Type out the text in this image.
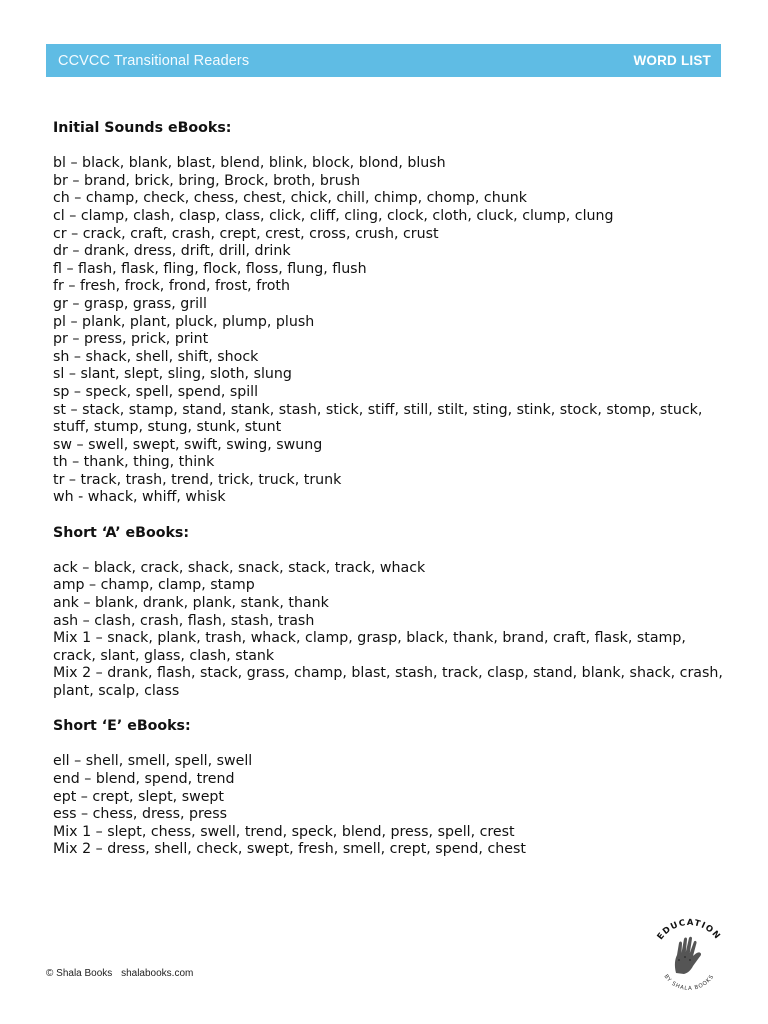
CCVCC Transitional Readers	WORD LIST
Initial Sounds eBooks:
bl – black, blank, blast, blend, blink, block, blond, blush
br – brand, brick, bring, Brock, broth, brush
ch – champ, check, chess, chest, chick, chill, chimp, chomp, chunk
cl – clamp, clash, clasp, class, click, cliff, cling, clock, cloth, cluck, clump, clung
cr – crack, craft, crash, crept, crest, cross, crush, crust
dr – drank, dress, drift, drill, drink
fl – flash, flask, fling, flock, floss, flung, flush
fr – fresh, frock, frond, frost, froth
gr – grasp, grass, grill
pl – plank, plant, pluck, plump, plush
pr – press, prick, print
sh – shack, shell, shift, shock
sl – slant, slept, sling, sloth, slung
sp – speck, spell, spend, spill
st – stack, stamp, stand, stank, stash, stick, stiff, still, stilt, sting, stink, stock, stomp, stuck, stuff, stump, stung, stunk, stunt
sw – swell, swept, swift, swing, swung
th – thank, thing, think
tr – track, trash, trend, trick, truck, trunk
wh - whack, whiff, whisk
Short ‘A’ eBooks:
ack – black, crack, shack, snack, stack, track, whack
amp – champ, clamp, stamp
ank – blank, drank, plank, stank, thank
ash – clash, crash, flash, stash, trash
Mix 1 – snack, plank, trash, whack, clamp, grasp, black, thank, brand, craft, flask, stamp, crack, slant, glass, clash, stank
Mix 2 – drank, flash, stack, grass, champ, blast, stash, track, clasp, stand, blank, shack, crash, plant, scalp, class
Short ‘E’ eBooks:
ell – shell, smell, spell, swell
end – blend, spend, trend
ept – crept, slept, swept
ess – chess, dress, press
Mix 1 – slept, chess, swell, trend, speck, blend, press, spell, crest
Mix 2 – dress, shell, check, swept, fresh, smell, crept, spend, chest
© Shala Books shalabooks.com
EDUCATION
BY SHALA BOOKS
